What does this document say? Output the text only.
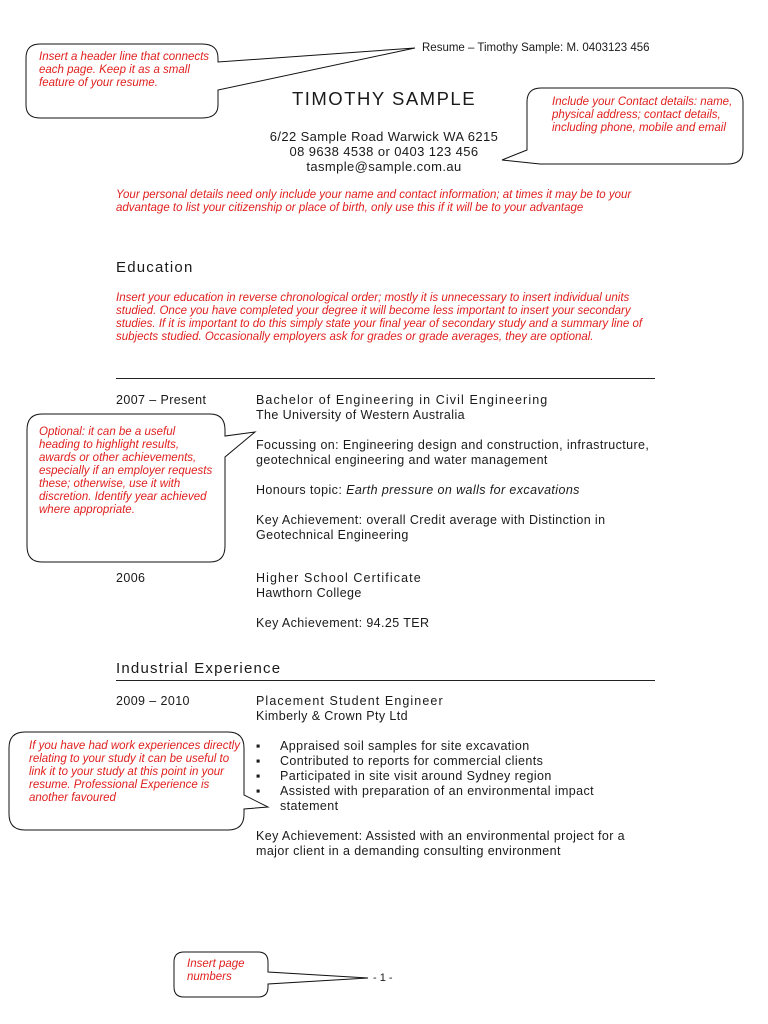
Resume – Timothy Sample: M. 0403123 456
Insert a header line that connects each page. Keep it as a small feature of your resume.
Include your Contact details: name, physical address; contact details, including phone, mobile and email
Optional: it can be a useful heading to highlight results, awards or other achievements, especially if an employer requests these; otherwise, use it with discretion. Identify year achieved where appropriate.
If you have had work experiences directly relating to your study it can be useful to link it to your study at this point in your resume. Professional Experience is another favoured
Insert page numbers
TIMOTHY SAMPLE
6/22 Sample Road Warwick WA 6215
08 9638 4538 or 0403 123 456
tasmple@sample.com.au
Your personal details need only include your name and contact information; at times it may be to your advantage to list your citizenship or place of birth, only use this if it will be to your advantage
Education
Insert your education in reverse chronological order; mostly it is unnecessary to insert individual units studied. Once you have completed your degree it will become less important to insert your secondary studies. If it is important to do this simply state your final year of secondary study and a summary line of subjects studied. Occasionally employers ask for grades or grade averages, they are optional.
2007 – Present	Bachelor of Engineering in Civil Engineering
The University of Western Australia
Focussing on: Engineering design and construction, infrastructure, geotechnical engineering and water management
Honours topic: Earth pressure on walls for excavations
Key Achievement: overall Credit average with Distinction in Geotechnical Engineering
2006	Higher School Certificate
Hawthorn College
Key Achievement: 94.25 TER
Industrial Experience
2009 – 2010	Placement Student Engineer
Kimberly & Crown Pty Ltd
▪ Appraised soil samples for site excavation
▪ Contributed to reports for commercial clients
▪ Participated in site visit around Sydney region
▪ Assisted with preparation of an environmental impact statement
Key Achievement: Assisted with an environmental project for a major client in a demanding consulting environment
- 1 -
